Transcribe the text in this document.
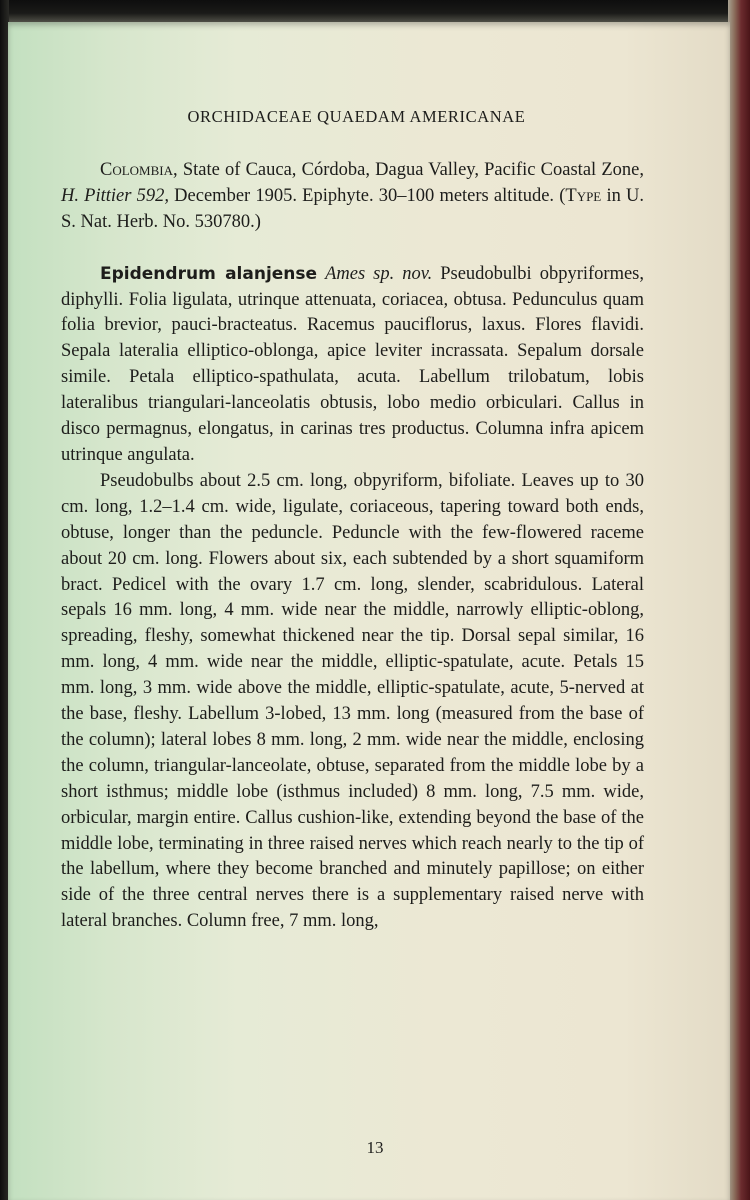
ORCHIDACEAE QUAEDAM AMERICANAE

Colombia, State of Cauca, Córdoba, Dagua Valley, Pacific Coastal Zone, H. Pittier 592, December 1905. Epiphyte. 30–100 meters altitude. (Type in U. S. Nat. Herb. No. 530780.)

Epidendrum alanjense Ames sp. nov. Pseudobulbi obpyriformes, diphylli. Folia ligulata, utrinque attenuata, coriacea, obtusa. Pedunculus quam folia brevior, pauci-bracteatus. Racemus pauciflorus, laxus. Flores flavidi. Sepala lateralia elliptico-oblonga, apice leviter incrassata. Sepalum dorsale simile. Petala elliptico-spathulata, acuta. Labellum trilobatum, lobis lateralibus triangulari-lanceolatis obtusis, lobo medio orbiculari. Callus in disco permagnus, elongatus, in carinas tres productus. Columna infra apicem utrinque angulata.

Pseudobulbs about 2.5 cm. long, obpyriform, bifoliate. Leaves up to 30 cm. long, 1.2–1.4 cm. wide, ligulate, coriaceous, tapering toward both ends, obtuse, longer than the peduncle. Peduncle with the few-flowered raceme about 20 cm. long. Flowers about six, each subtended by a short squamiform bract. Pedicel with the ovary 1.7 cm. long, slender, scabridulous. Lateral sepals 16 mm. long, 4 mm. wide near the middle, narrowly elliptic-oblong, spreading, fleshy, somewhat thickened near the tip. Dorsal sepal similar, 16 mm. long, 4 mm. wide near the middle, elliptic-spatulate, acute. Petals 15 mm. long, 3 mm. wide above the middle, elliptic-spatulate, acute, 5-nerved at the base, fleshy. Labellum 3-lobed, 13 mm. long (measured from the base of the column); lateral lobes 8 mm. long, 2 mm. wide near the middle, enclosing the column, triangular-lanceolate, obtuse, separated from the middle lobe by a short isthmus; middle lobe (isthmus included) 8 mm. long, 7.5 mm. wide, orbicular, margin entire. Callus cushion-like, extending beyond the base of the middle lobe, terminating in three raised nerves which reach nearly to the tip of the labellum, where they become branched and minutely papillose; on either side of the three central nerves there is a supplementary raised nerve with lateral branches. Column free, 7 mm. long,

13
